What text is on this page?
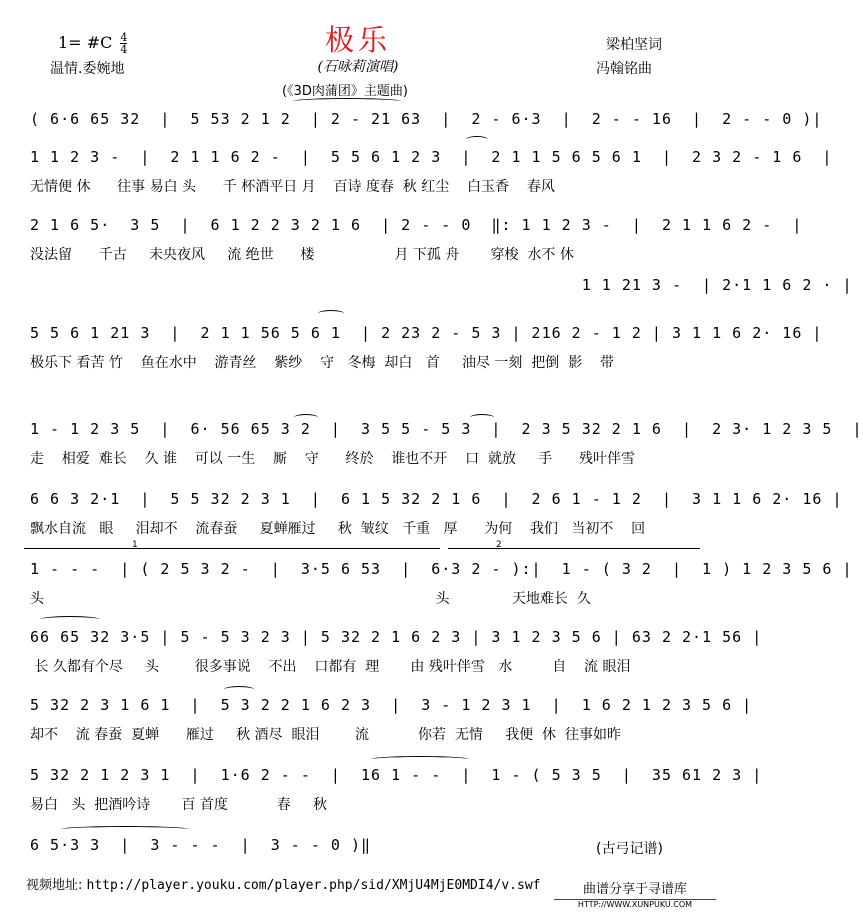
极乐
(石咏莉演唱)
(《3D肉蒲团》主题曲)
1= #C $\frac{4}{4}$
温情.委婉地
梁柏坚词
冯翰铭曲
( 6·6 65 32  |  5 53 2 1 2  | 2 - 21 63  |  2 - 6·3  |  2 - - 16  |  2 - - 0 )|
1 1 2 3 -  |  2 1 1 6 2 -  |  5 5 6 1 2 3  |  2 1 1 5 6 5 6 1  |  2 3 2 - 1 6  |
无情便 休      往事 易白 头      千 杯酒平日 月    百诗 度春  秋 红尘    白玉香    春风
2 1 6 5·  3 5  |  6 1 2 2 3 2 1 6  | 2 - - 0  ‖: 1 1 2 3 -  |  2 1 1 6 2 -  |
没法留      千古     未央夜风     流 绝世      楼                  月 下孤 舟       穿梭  水不 休
1 1 21 3 -  | 2·1 1 6 2 · |
5 5 6 1 21 3  |  2 1 1 56 5 6 1  | 2 23 2 - 5 3 | 216 2 - 1 2 | 3 1 1 6 2· 16 |
极乐下 看苦 竹    鱼在水中    游青丝    紫纱    守   冬梅  却白   首     油尽 一刻  把倒  影    带
1 - 1 2 3 5  |  6· 56 65 3 2  |  3 5 5 - 5 3  |  2 3 5 32 2 1 6  |  2 3· 1 2 3 5  |
走    相爱  难长    久 谁    可以 一生    厮    守      终於    谁也不开    口  就放     手      残叶伴雪
6 6 3 2·1  |  5 5 32 2 3 1  |  6 1 5 32 2 1 6  |  2 6 1 - 1 2  |  3 1 1 6 2· 16 |
飘水自流   眼     泪却不    流春蚕     夏蝉雁过     秋  皱纹   千重   厚      为何    我们   当初不    回
1	2
1 - - -  | ( 2 5 3 2 -  |  3·5 6 53  |  6·3 2 - ):|  1 - ( 3 2  |  1 ) 1 2 3 5 6 |
头                                                                                        头              天地难长  久
66 65 32 3·5 | 5 - 5 3 2 3 | 5 32 2 1 6 2 3 | 3 1 2 3 5 6 | 63 2 2·1 56 |
长 久都有个尽     头        很多事说    不出    口都有  理       由 残叶伴雪   水         自    流 眼泪
5 32 2 3 1 6 1  |  5 3 2 2 1 6 2 3  |  3 - 1 2 3 1  |  1 6 2 1 2 3 5 6 |
却不    流 春蚕  夏蝉      雁过     秋 酒尽  眼泪        流           你若  无情     我便  休  往事如昨
5 32 2 1 2 3 1  |  1·6 2 - -  |  16 1 - -  |  1 - ( 5 3 5  |  35 61 2 3 |
易白   头  把酒吟诗       百 首度           春     秋
6 5·3 3  |  3 - - -  |  3 - - 0 )‖	(古弓记谱)
视频地址: http://player.youku.com/player.php/sid/XMjU4MjE0MDI4/v.swf	曲谱分享于寻谱库
HTTP://WWW.XUNPUKU.COM
